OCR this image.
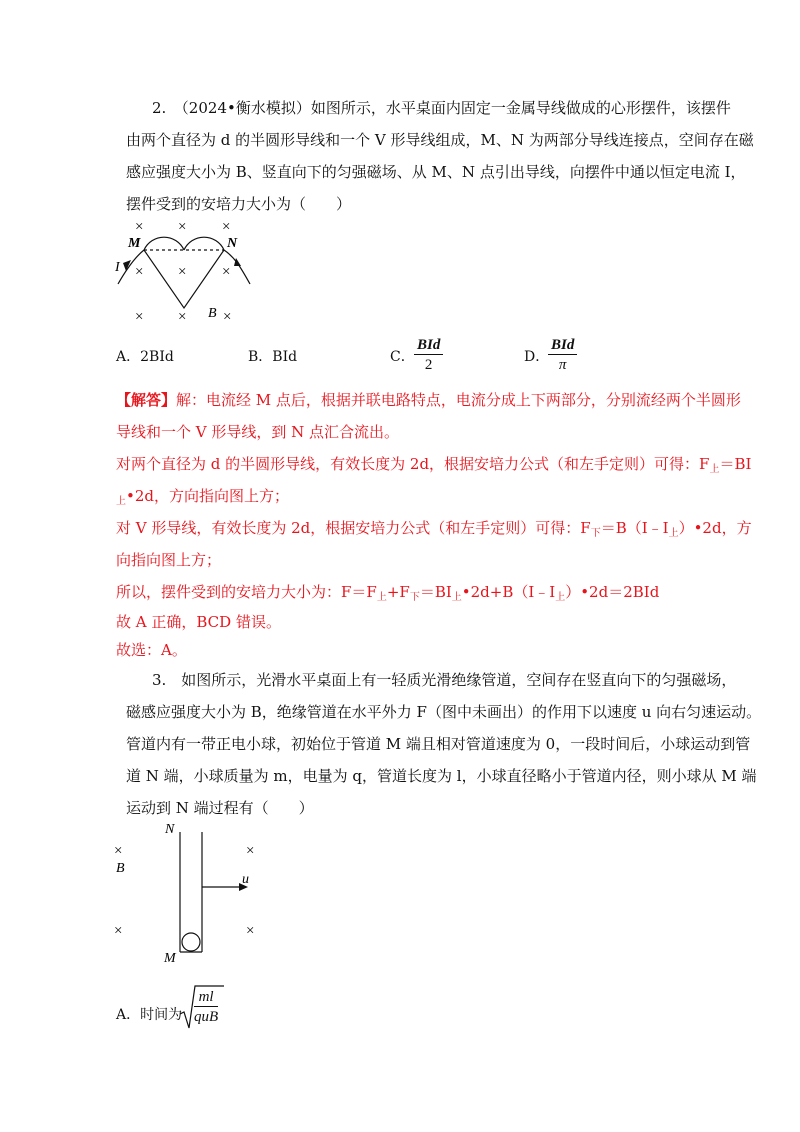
2.　（2024•衡水模拟）如图所示，水平桌面内固定一金属导线做成的心形摆件，该摆件
由两个直径为 d 的半圆形导线和一个 V 形导线组成，M、N 为两部分导线连接点，空间存在磁
感应强度大小为 B、竖直向下的匀强磁场、从 M、N 点引出导线，向摆件中通以恒定电流 I，
摆件受到的安培力大小为（　　）
M	N
I
B
× × ×
× × ×
× × ×
A．2BId	B．BId	C．
BId
2	D．
BId
π
【解答】解：电流经 M 点后，根据并联电路特点，电流分成上下两部分，分别流经两个半圆形
导线和一个 V 形导线，到 N 点汇合流出。
对两个直径为 d 的半圆形导线，有效长度为 2d，根据安培力公式（和左手定则）可得：$F_上=BI$
$_上$•2d，方向指向图上方；
对 V 形导线，有效长度为 2d，根据安培力公式（和左手定则）可得：$F_下=B(I﹣I_上)•2d$，方
向指向图上方；
所以，摆件受到的安培力大小为：$F=F_上+F_下=BI_上•2d+B(I﹣I_上)•2d=2BId$
故 A 正确，BCD 错误。
故选：A。
3.　如图所示，光滑水平桌面上有一轻质光滑绝缘管道，空间存在竖直向下的匀强磁场，
磁感应强度大小为 B，绝缘管道在水平外力 F（图中未画出）的作用下以速度 u 向右匀速运动。
管道内有一带正电小球，初始位于管道 M 端且相对管道速度为 0，一段时间后，小球运动到管
道 N 端，小球质量为 m，电量为 q，管道长度为 l，小球直径略小于管道内径，则小球从 M 端
运动到 N 端过程有（　　）
N
M
B
u
×	×
×	×
A．时间为
ml
quB
